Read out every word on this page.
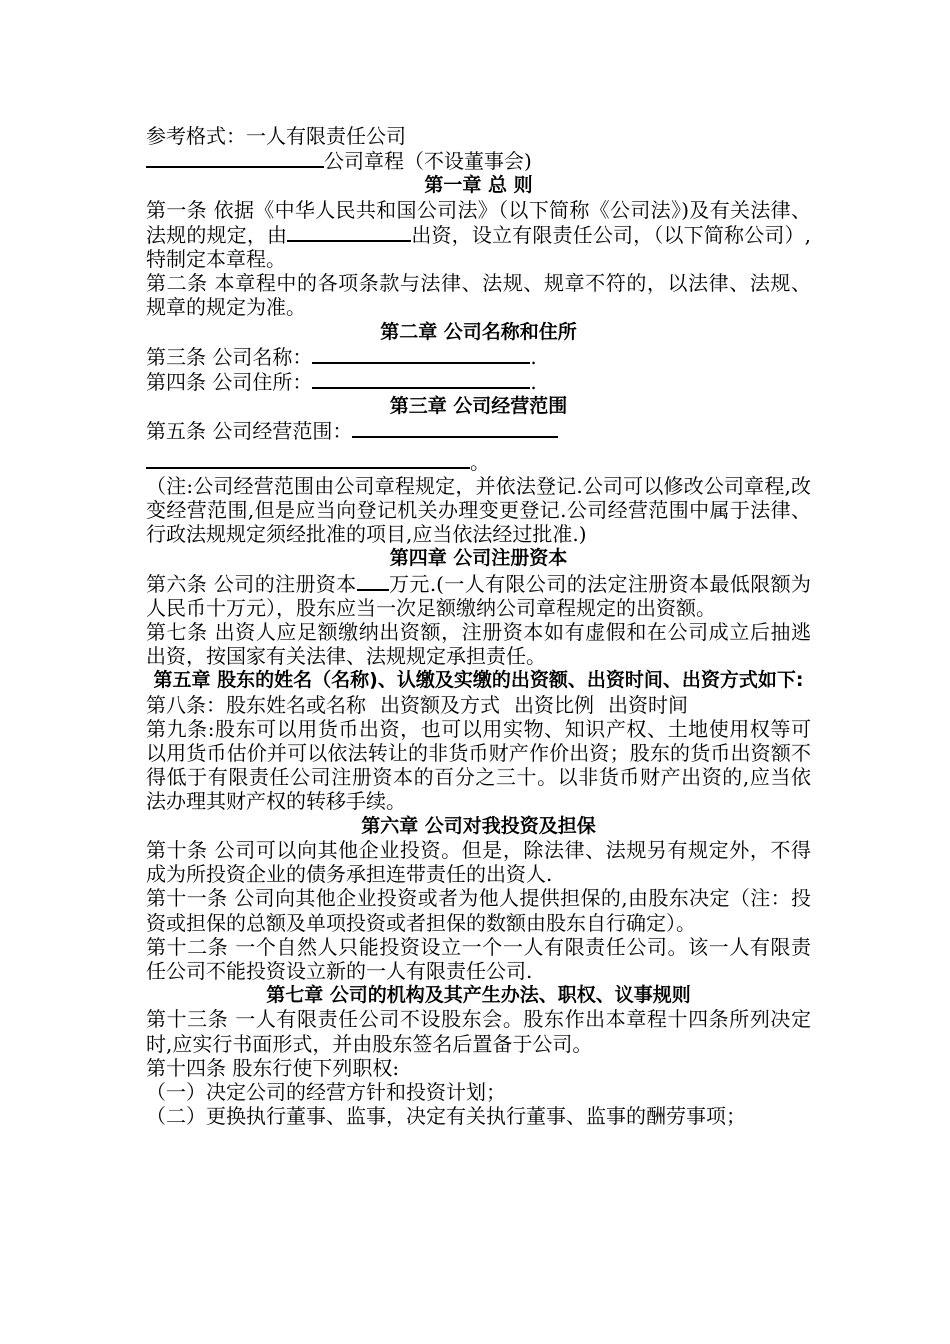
参考格式：一人有限责任公司

公司章程（不设董事会)

第一章 总 则

第一条 依据《中华人民共和国公司法》（以下简称《公司法》)及有关法律、法规的规定，由	出资，设立有限责任公司，（以下简称公司）,特制定本章程。

第二条 本章程中的各项条款与法律、法规、规章不符的，以法律、法规、规章的规定为准。

第二章 公司名称和住所

第三条 公司名称：	.

第四条 公司住所：	.

第三章 公司经营范围

第五条 公司经营范围：

。

（注:公司经营范围由公司章程规定，并依法登记.公司可以修改公司章程,改变经营范围,但是应当向登记机关办理变更登记.公司经营范围中属于法律、行政法规规定须经批准的项目,应当依法经过批准.)

第四章 公司注册资本

第六条 公司的注册资本 万元.(一人有限公司的法定注册资本最低限额为人民币十万元），股东应当一次足额缴纳公司章程规定的出资额。

第七条 出资人应足额缴纳出资额，注册资本如有虚假和在公司成立后抽逃出资，按国家有关法律、法规规定承担责任。

第五章 股东的姓名（名称)、认缴及实缴的出资额、出资时间、出资方式如下:

第八条：股东姓名或名称 出资额及方式 出资比例 出资时间

第九条:股东可以用货币出资，也可以用实物、知识产权、土地使用权等可以用货币估价并可以依法转让的非货币财产作价出资；股东的货币出资额不得低于有限责任公司注册资本的百分之三十。以非货币财产出资的,应当依法办理其财产权的转移手续。

第六章 公司对我投资及担保

第十条 公司可以向其他企业投资。但是，除法律、法规另有规定外，不得成为所投资企业的债务承担连带责任的出资人.

第十一条 公司向其他企业投资或者为他人提供担保的,由股东决定（注：投资或担保的总额及单项投资或者担保的数额由股东自行确定）。

第十二条 一个自然人只能投资设立一个一人有限责任公司。该一人有限责任公司不能投资设立新的一人有限责任公司.

第七章 公司的机构及其产生办法、职权、议事规则

第十三条 一人有限责任公司不设股东会。股东作出本章程十四条所列决定时,应实行书面形式，并由股东签名后置备于公司。

第十四条 股东行使下列职权:

（一）决定公司的经营方针和投资计划；

（二）更换执行董事、监事，决定有关执行董事、监事的酬劳事项；
